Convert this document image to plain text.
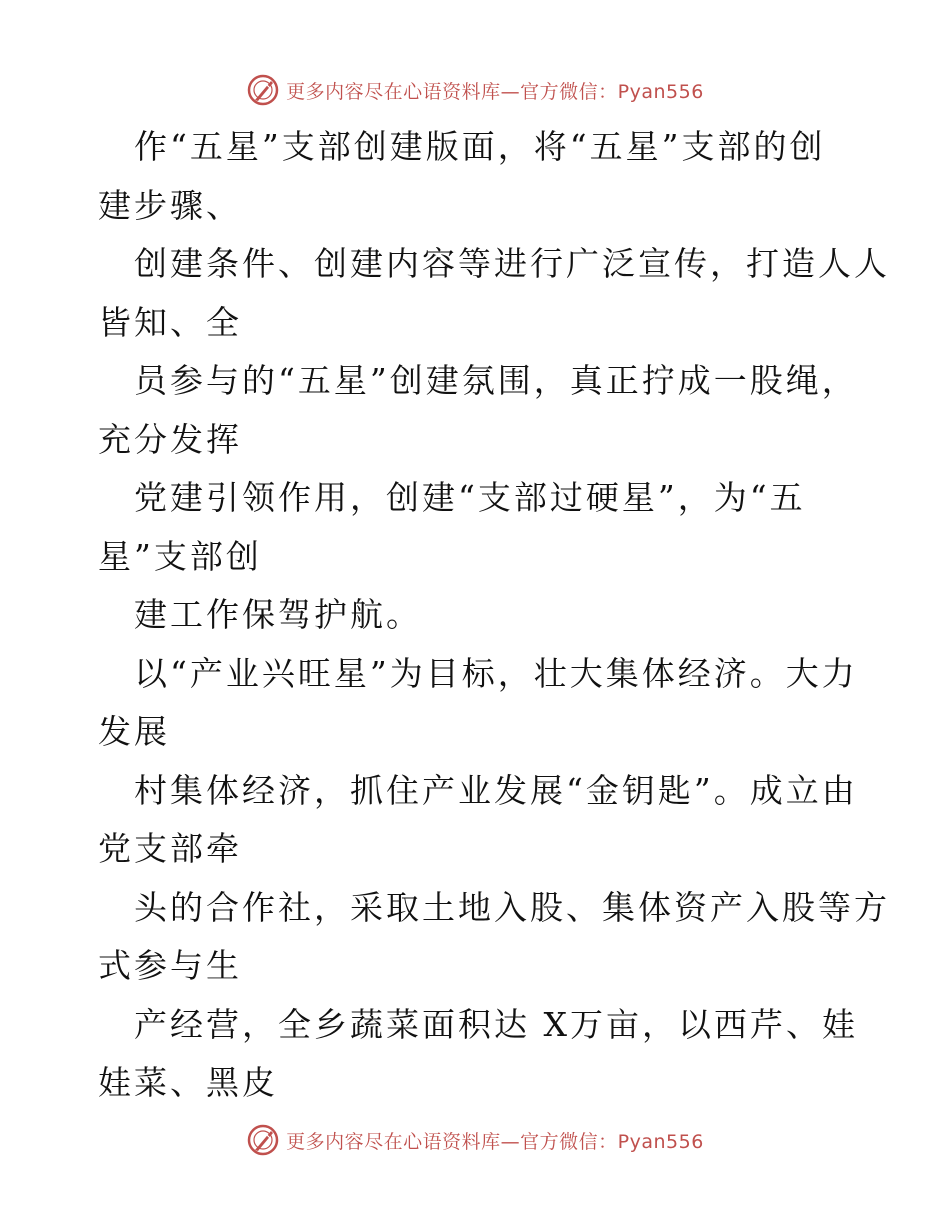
更多内容尽在心语资料库—官方微信：Pyan556
作“五星”支部创建版面，将“五星”支部的创
建步骤、
创建条件、创建内容等进行广泛宣传，打造人人
皆知、全
员参与的“五星”创建氛围，真正拧成一股绳，
充分发挥
党建引领作用，创建“支部过硬星”，为“五
星”支部创
建工作保驾护航。
以“产业兴旺星”为目标，壮大集体经济。大力
发展
村集体经济，抓住产业发展“金钥匙”。成立由
党支部牵
头的合作社，采取土地入股、集体资产入股等方
式参与生
产经营，全乡蔬菜面积达 X万亩，以西芹、娃
娃菜、黑皮
更多内容尽在心语资料库—官方微信：Pyan556
